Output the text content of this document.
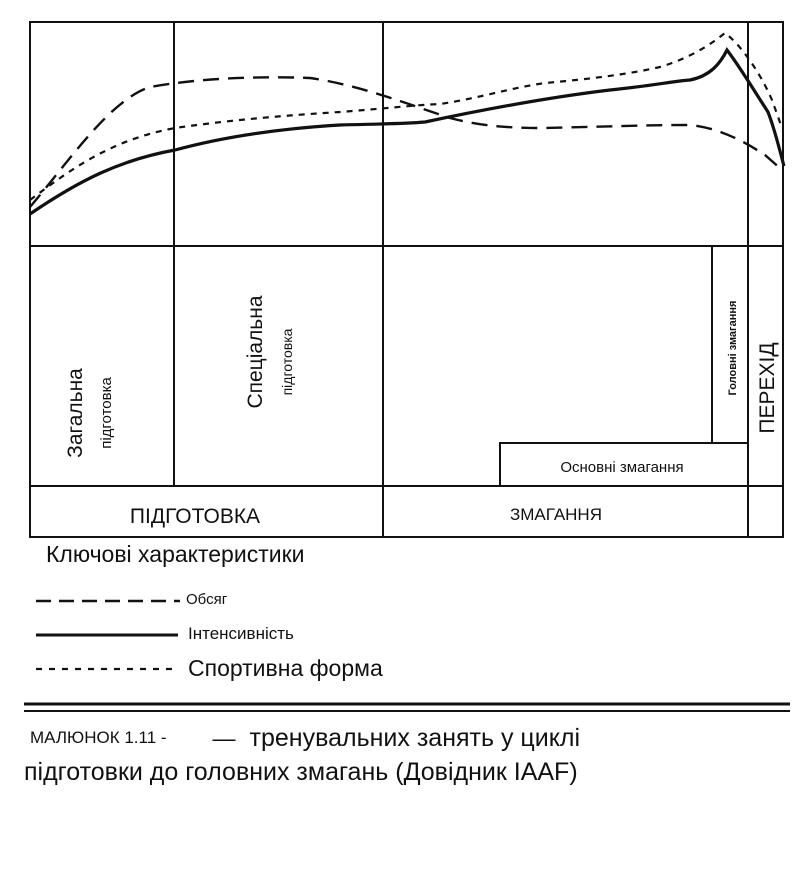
Загальна підготовка
Спеціальна підготовка	Головні змагання ПЕРЕХІД
Основні змагання
ПІДГОТОВКА	ЗМАГАННЯ
Ключові характеристики
Обсяг
Інтенсивність
Спортивна форма
МАЛЮНОК 1.11 - — тренувальних занять у циклі
підготовки до головних змагань (Довідник IAAF)
